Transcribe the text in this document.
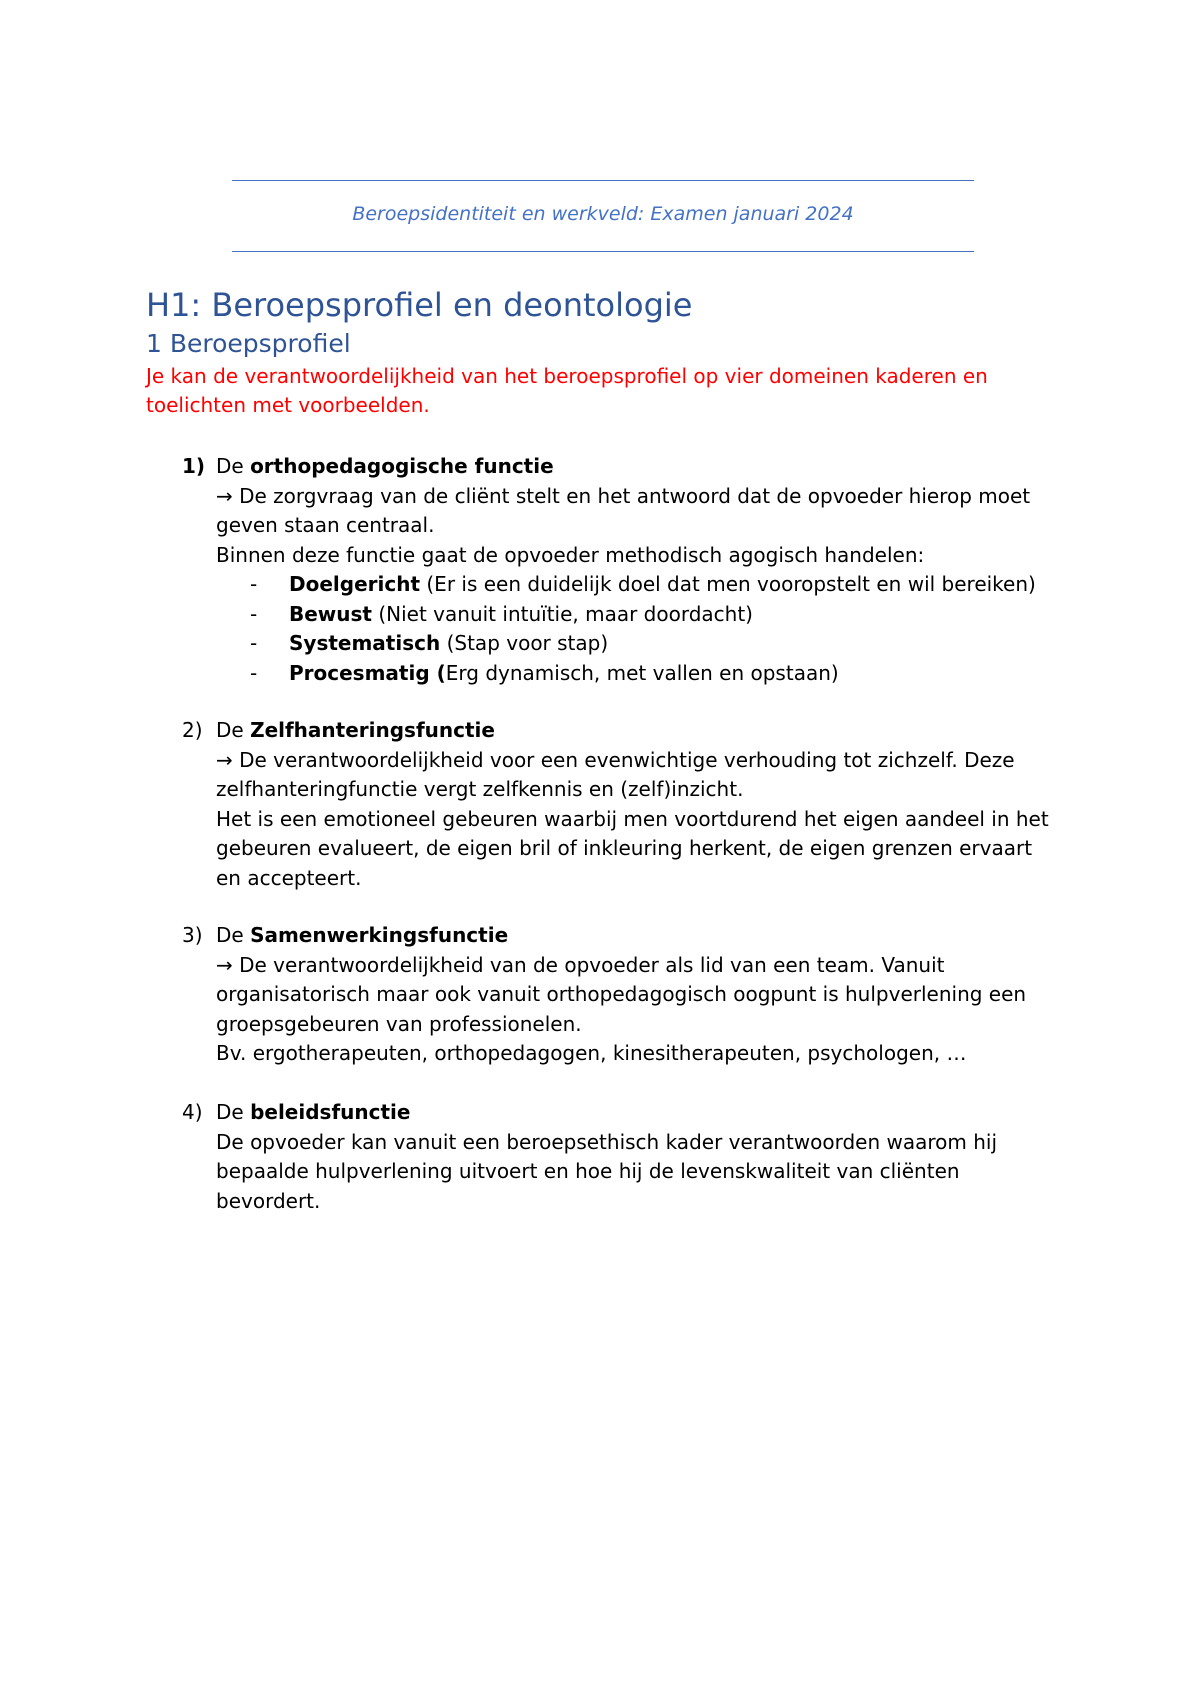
Beroepsidentiteit en werkveld: Examen januari 2024
H1: Beroepsprofiel en deontologie
1 Beroepsprofiel
Je kan de verantwoordelijkheid van het beroepsprofiel op vier domeinen kaderen en toelichten met voorbeelden.
1) De orthopedagogische functie

→ De zorgvraag van de cliënt stelt en het antwoord dat de opvoeder hierop moet geven staan centraal.

Binnen deze functie gaat de opvoeder methodisch agogisch handelen:

- Doelgericht (Er is een duidelijk doel dat men vooropstelt en wil bereiken)
- Bewust (Niet vanuit intuïtie, maar doordacht)
- Systematisch (Stap voor stap)
- Procesmatig (Erg dynamisch, met vallen en opstaan)
2) De Zelfhanteringsfunctie

→ De verantwoordelijkheid voor een evenwichtige verhouding tot zichzelf. Deze zelfhanteringfunctie vergt zelfkennis en (zelf)inzicht.

Het is een emotioneel gebeuren waarbij men voortdurend het eigen aandeel in het gebeuren evalueert, de eigen bril of inkleuring herkent, de eigen grenzen ervaart en accepteert.

3) De Samenwerkingsfunctie

→ De verantwoordelijkheid van de opvoeder als lid van een team. Vanuit organisatorisch maar ook vanuit orthopedagogisch oogpunt is hulpverlening een groepsgebeuren van professionelen.

Bv. ergotherapeuten, orthopedagogen, kinesitherapeuten, psychologen, …

4) De beleidsfunctie

De opvoeder kan vanuit een beroepsethisch kader verantwoorden waarom hij bepaalde hulpverlening uitvoert en hoe hij de levenskwaliteit van cliënten bevordert.
